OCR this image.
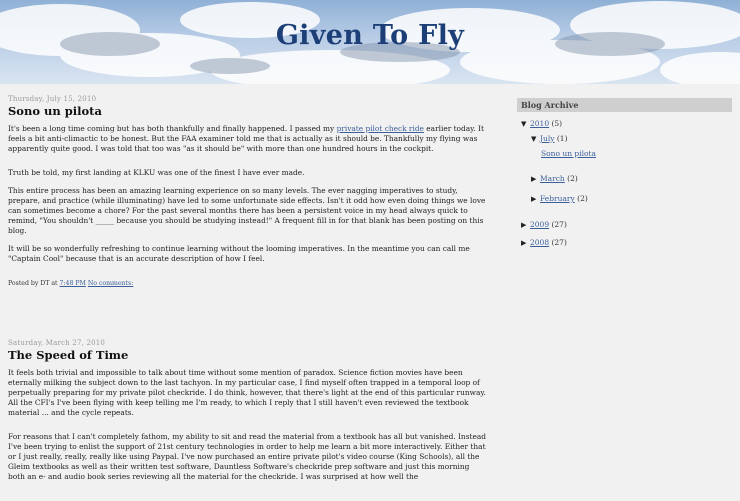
Given To Fly
Thursday, July 15, 2010
Sono un pilota

It's been a long time coming but has both thankfully and finally happened. I passed my private pilot check ride earlier today. It feels a bit anti-climactic to be honest. But the FAA examiner told me that is actually as it should be. Thankfully my flying was apparently quite good. I was told that too was "as it should be" with more than one hundred hours in the cockpit.

Truth be told, my first landing at KLKU was one of the finest I have ever made.

This entire process has been an amazing learning experience on so many levels. The ever nagging imperatives to study, prepare, and practice (while illuminating) have led to some unfortunate side effects. Isn't it odd how even doing things we love can sometimes become a chore? For the past several months there has been a persistent voice in my head always quick to remind, "You shouldn't _____ because you should be studying instead!" A frequent fill in for that blank has been posting on this blog.

It will be so wonderfully refreshing to continue learning without the looming imperatives. In the meantime you can call me "Captain Cool" because that is an accurate description of how I feel.

Posted by DT at 7:48 PM No comments:
Saturday, March 27, 2010
The Speed of Time

It feels both trivial and impossible to talk about time without some mention of paradox. Science fiction movies have been eternally milking the subject down to the last tachyon. In my particular case, I find myself often trapped in a temporal loop of perpetually preparing for my private pilot checkride. I do think, however, that there's light at the end of this particular runway. All the CFI's I've been flying with keep telling me I'm ready, to which I reply that I still haven't even reviewed the textbook material ... and the cycle repeats.

For reasons that I can't completely fathom, my ability to sit and read the material from a textbook has all but vanished. Instead I've been trying to enlist the support of 21st century technologies in order to help me learn a bit more interactively. Either that or I just really, really, really like using Paypal. I've now purchased an entire private pilot's video course (King Schools), all the Gleim textbooks as well as their written test software, Dauntless Software's checkride prep software and just this morning both an e- and audio book series reviewing all the material for the checkride. I was surprised at how well the

Blog Archive
▼ 2010 (5)
▼ July (1)
Sono un pilota
▶ March (2)
▶ February (2)
▶ 2009 (27)
▶ 2008 (27)
